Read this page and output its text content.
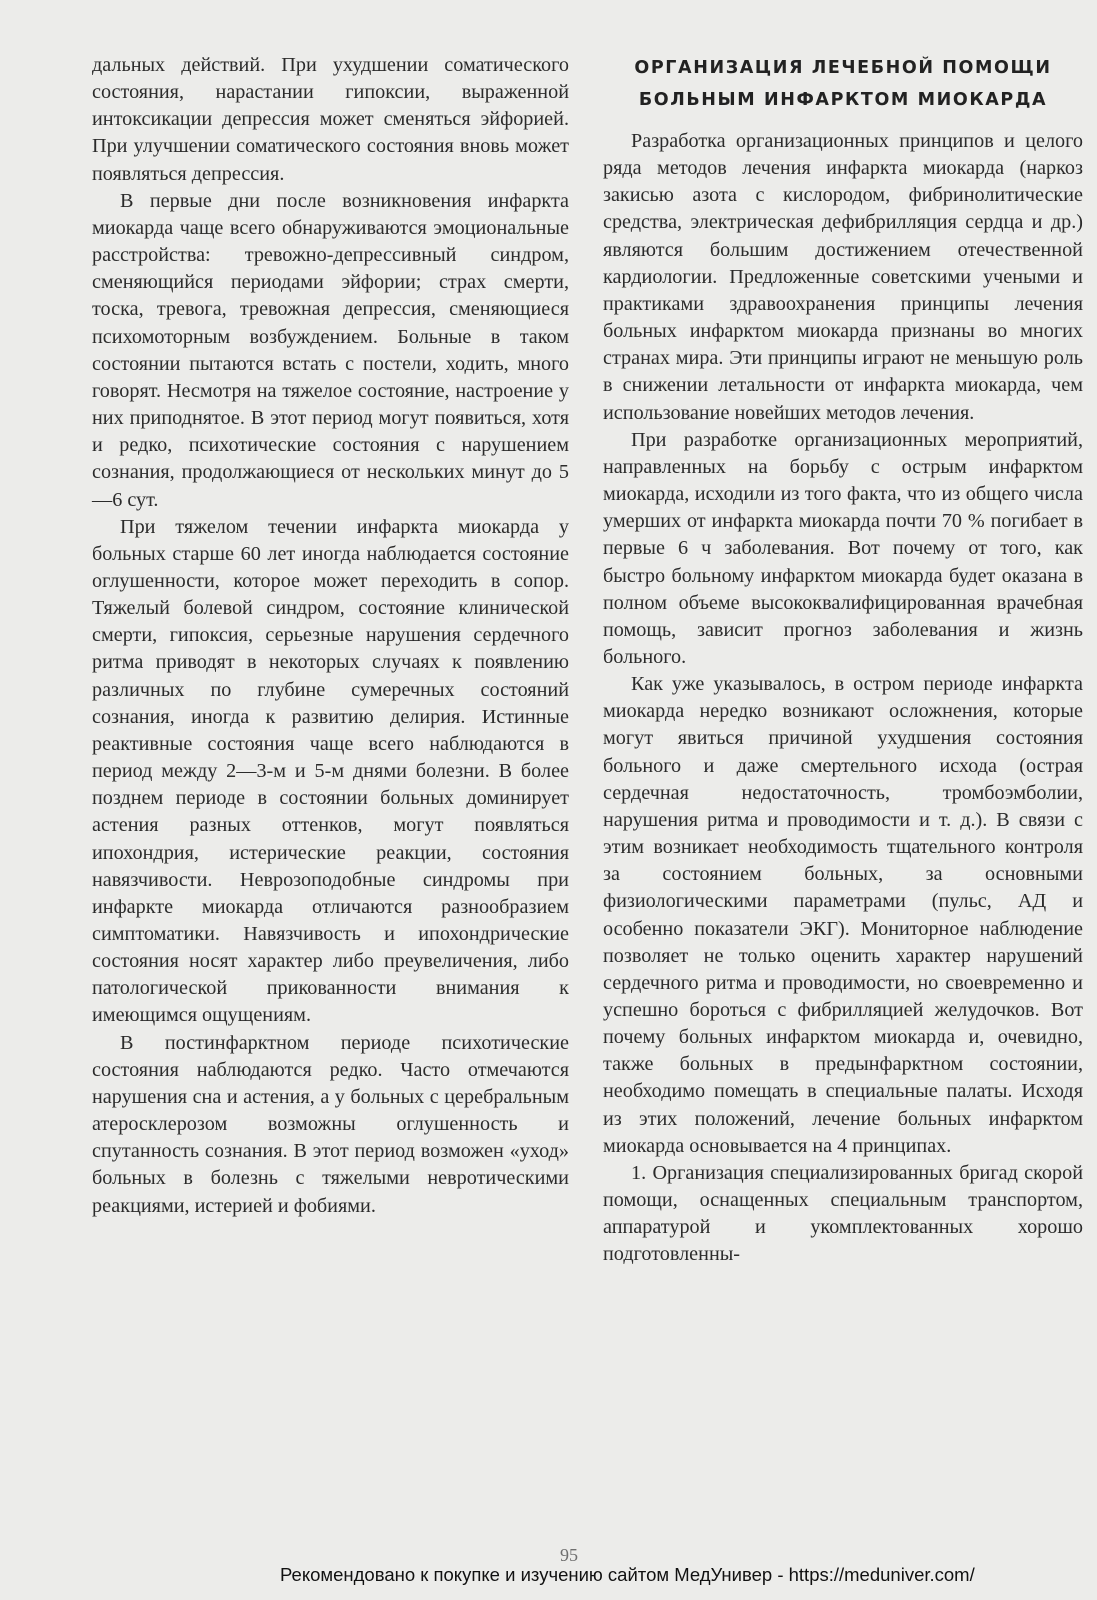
дальных действий. При ухудшении соматического состояния, нарастании гипоксии, выраженной интоксикации депрессия может сменяться эйфорией. При улучшении соматического состояния вновь может появляться депрессия.

В первые дни после возникновения инфаркта миокарда чаще всего обнаруживаются эмоциональные расстройства: тревожно-депрессивный синдром, сменяющийся периодами эйфории; страх смерти, тоска, тревога, тревожная депрессия, сменяющиеся психомоторным возбуждением. Больные в таком состоянии пытаются встать с постели, ходить, много говорят. Несмотря на тяжелое состояние, настроение у них приподнятое. В этот период могут появиться, хотя и редко, психотические состояния с нарушением сознания, продолжающиеся от нескольких минут до 5—6 сут.

При тяжелом течении инфаркта миокарда у больных старше 60 лет иногда наблюдается состояние оглушенности, которое может переходить в сопор. Тяжелый болевой синдром, состояние клинической смерти, гипоксия, серьезные нарушения сердечного ритма приводят в некоторых случаях к появлению различных по глубине сумеречных состояний сознания, иногда к развитию делирия. Истинные реактивные состояния чаще всего наблюдаются в период между 2—3-м и 5-м днями болезни. В более позднем периоде в состоянии больных доминирует астения разных оттенков, могут появляться ипохондрия, истерические реакции, состояния навязчивости. Неврозоподобные синдромы при инфаркте миокарда отличаются разнообразием симптоматики. Навязчивость и ипохондрические состояния носят характер либо преувеличения, либо патологической прикованности внимания к имеющимся ощущениям.

В постинфарктном периоде психотические состояния наблюдаются редко. Часто отмечаются нарушения сна и астения, а у больных с церебральным атеросклерозом возможны оглушенность и спутанность сознания. В этот период возможен «уход» больных в болезнь с тяжелыми невротическими реакциями, истерией и фобиями.

ОРГАНИЗАЦИЯ ЛЕЧЕБНОЙ ПОМОЩИ
БОЛЬНЫМ ИНФАРКТОМ МИОКАРДА

Разработка организационных принципов и целого ряда методов лечения инфаркта миокарда (наркоз закисью азота с кислородом, фибринолитические средства, электрическая дефибрилляция сердца и др.) являются большим достижением отечественной кардиологии. Предложенные советскими учеными и практиками здравоохранения принципы лечения больных инфарктом миокарда признаны во многих странах мира. Эти принципы играют не меньшую роль в снижении летальности от инфаркта миокарда, чем использование новейших методов лечения.

При разработке организационных мероприятий, направленных на борьбу с острым инфарктом миокарда, исходили из того факта, что из общего числа умерших от инфаркта миокарда почти 70 % погибает в первые 6 ч заболевания. Вот почему от того, как быстро больному инфарктом миокарда будет оказана в полном объеме высококвалифицированная врачебная помощь, зависит прогноз заболевания и жизнь больного.

Как уже указывалось, в остром периоде инфаркта миокарда нередко возникают осложнения, которые могут явиться причиной ухудшения состояния больного и даже смертельного исхода (острая сердечная недостаточность, тромбоэмболии, нарушения ритма и проводимости и т. д.). В связи с этим возникает необходимость тщательного контроля за состоянием больных, за основными физиологическими параметрами (пульс, АД и особенно показатели ЭКГ). Мониторное наблюдение позволяет не только оценить характер нарушений сердечного ритма и проводимости, но своевременно и успешно бороться с фибрилляцией желудочков. Вот почему больных инфарктом миокарда и, очевидно, также больных в предынфарктном состоянии, необходимо помещать в специальные палаты. Исходя из этих положений, лечение больных инфарктом миокарда основывается на 4 принципах.

1. Организация специализированных бригад скорой помощи, оснащенных специальным транспортом, аппаратурой и укомплектованных хорошо подготовленны-

95
Рекомендовано к покупке и изучению сайтом МедУнивер - https://meduniver.com/
